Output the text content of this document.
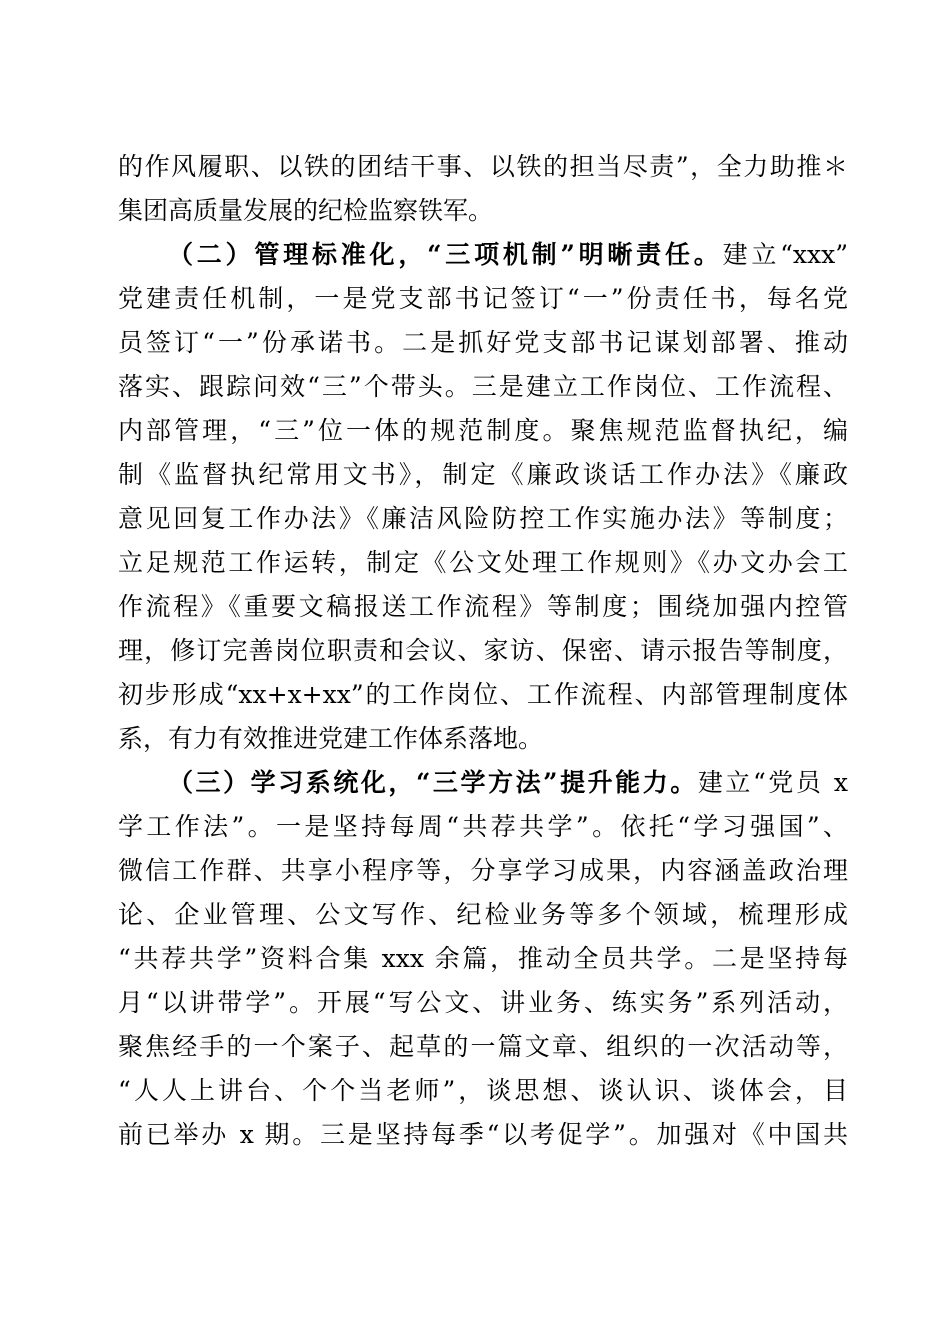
的作风履职、以铁的团结干事、以铁的担当尽责”，全力助推＊
集团高质量发展的纪检监察铁军。
（二）管理标准化，“三项机制”明晰责任。建立“xxx”
党建责任机制，一是党支部书记签订“一”份责任书，每名党
员签订“一”份承诺书。二是抓好党支部书记谋划部署、推动
落实、跟踪问效“三”个带头。三是建立工作岗位、工作流程、
内部管理，“三”位一体的规范制度。聚焦规范监督执纪，编
制《监督执纪常用文书》，制定《廉政谈话工作办法》《廉政
意见回复工作办法》《廉洁风险防控工作实施办法》等制度；
立足规范工作运转，制定《公文处理工作规则》《办文办会工
作流程》《重要文稿报送工作流程》等制度；围绕加强内控管
理，修订完善岗位职责和会议、家访、保密、请示报告等制度，
初步形成“xx+x+xx”的工作岗位、工作流程、内部管理制度体
系，有力有效推进党建工作体系落地。
（三）学习系统化，“三学方法”提升能力。建立“党员 x
学工作法”。一是坚持每周“共荐共学”。依托“学习强国”、
微信工作群、共享小程序等，分享学习成果，内容涵盖政治理
论、企业管理、公文写作、纪检业务等多个领域，梳理形成
“共荐共学”资料合集 xxx 余篇，推动全员共学。二是坚持每
月“以讲带学”。开展“写公文、讲业务、练实务”系列活动，
聚焦经手的一个案子、起草的一篇文章、组织的一次活动等，
“人人上讲台、个个当老师”，谈思想、谈认识、谈体会，目
前已举办 x 期。三是坚持每季“以考促学”。加强对《中国共
